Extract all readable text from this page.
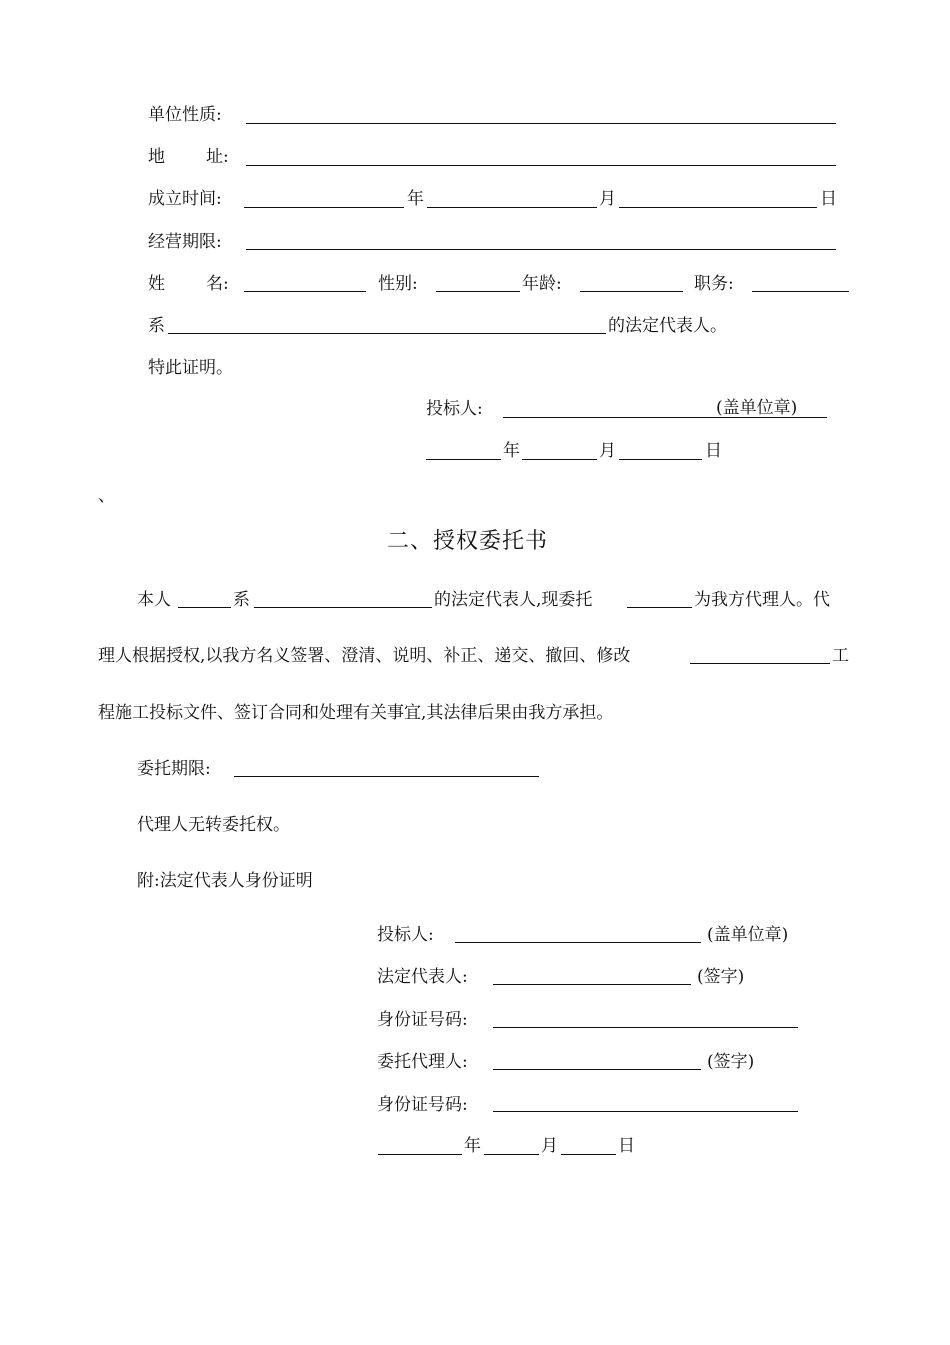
单位性质:
地 址:
成立时间:	年	月	日
经营期限:
姓 名:	性别:	年龄:	职务:
系	的法定代表人。
特此证明。
投标人:	(盖单位章)
年	月	日
、
二、授权委托书
本人	系	的法定代表人,现委托	为我方代理人。代
理人根据授权,以我方名义签署、澄清、说明、补正、递交、撤回、修改	工
程施工投标文件、签订合同和处理有关事宜,其法律后果由我方承担。
委托期限:
代理人无转委托权。
附:法定代表人身份证明
投标人:	(盖单位章)
法定代表人:	(签字)
身份证号码:
委托代理人:	(签字)
身份证号码:
年	月	日
